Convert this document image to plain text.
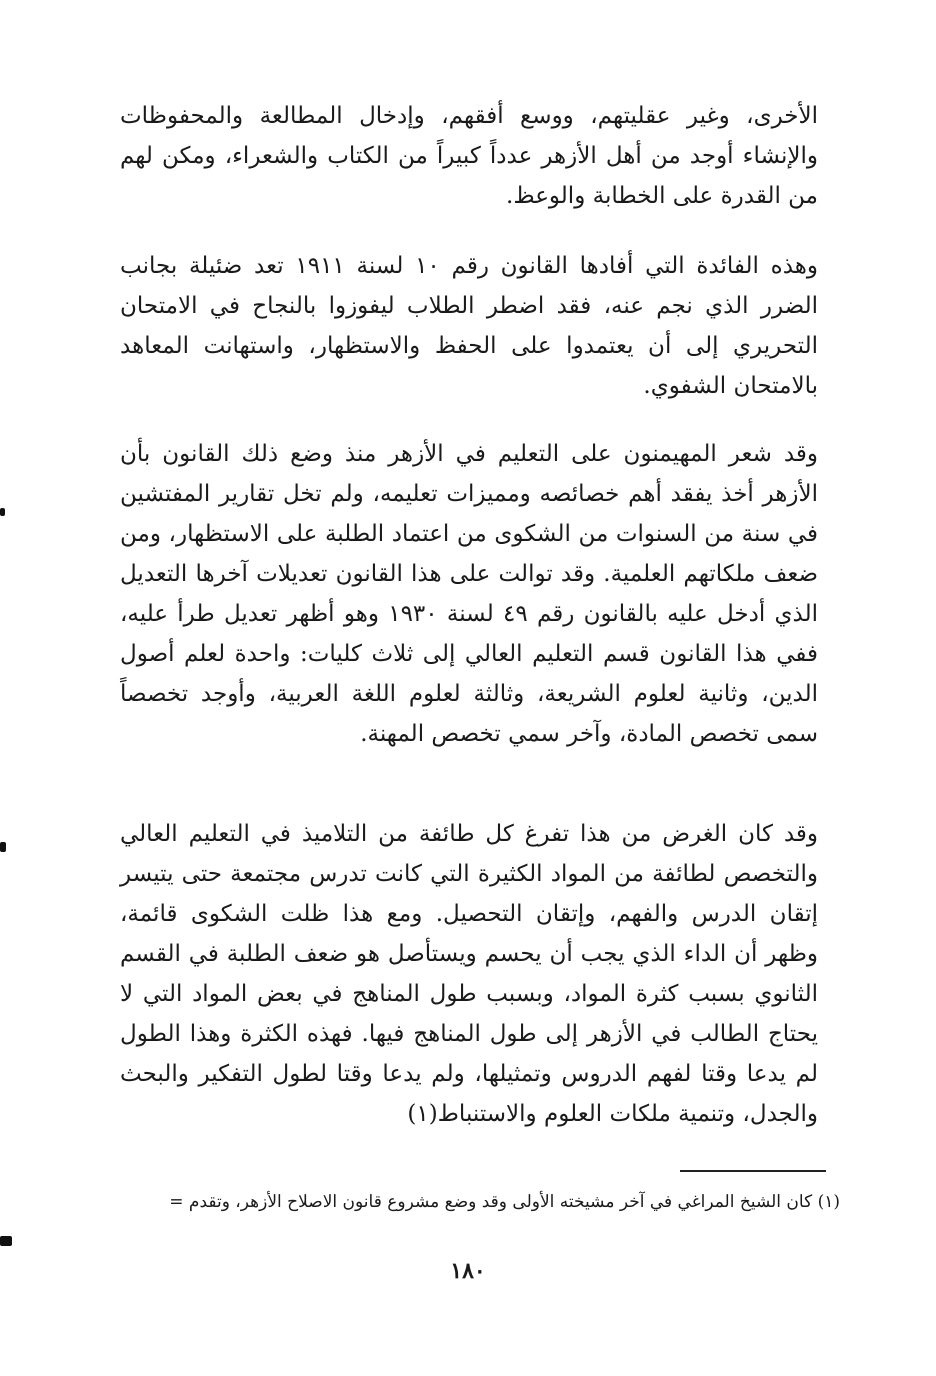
الأخرى، وغير عقليتهم، ووسع أفقهم، وإدخال المطالعة والمحفوظات والإنشاء أوجد من أهل الأزهر عدداً كبيراً من الكتاب والشعراء، ومكن لهم من القدرة على الخطابة والوعظ.

وهذه الفائدة التي أفادها القانون رقم ١٠ لسنة ١٩١١ تعد ضئيلة بجانب الضرر الذي نجم عنه، فقد اضطر الطلاب ليفوزوا بالنجاح في الامتحان التحريري إلى أن يعتمدوا على الحفظ والاستظهار، واستهانت المعاهد بالامتحان الشفوي.

وقد شعر المهيمنون على التعليم في الأزهر منذ وضع ذلك القانون بأن الأزهر أخذ يفقد أهم خصائصه ومميزات تعليمه، ولم تخل تقارير المفتشين في سنة من السنوات من الشكوى من اعتماد الطلبة على الاستظهار، ومن ضعف ملكاتهم العلمية. وقد توالت على هذا القانون تعديلات آخرها التعديل الذي أدخل عليه بالقانون رقم ٤٩ لسنة ١٩٣٠ وهو أظهر تعديل طرأ عليه، ففي هذا القانون قسم التعليم العالي إلى ثلاث كليات: واحدة لعلم أصول الدين، وثانية لعلوم الشريعة، وثالثة لعلوم اللغة العربية، وأوجد تخصصاً سمى تخصص المادة، وآخر سمي تخصص المهنة.

وقد كان الغرض من هذا تفرغ كل طائفة من التلاميذ في التعليم العالي والتخصص لطائفة من المواد الكثيرة التي كانت تدرس مجتمعة حتى يتيسر إتقان الدرس والفهم، وإتقان التحصيل. ومع هذا ظلت الشكوى قائمة، وظهر أن الداء الذي يجب أن يحسم ويستأصل هو ضعف الطلبة في القسم الثانوي بسبب كثرة المواد، وبسبب طول المناهج في بعض المواد التي لا يحتاج الطالب في الأزهر إلى طول المناهج فيها. فهذه الكثرة وهذا الطول لم يدعا وقتا لفهم الدروس وتمثيلها، ولم يدعا وقتا لطول التفكير والبحث والجدل، وتنمية ملكات العلوم والاستنباط(١)

(١) كان الشيخ المراغي في آخر مشيخته الأولى وقد وضع مشروع قانون الاصلاح الأزهر، وتقدم =

١٨٠
